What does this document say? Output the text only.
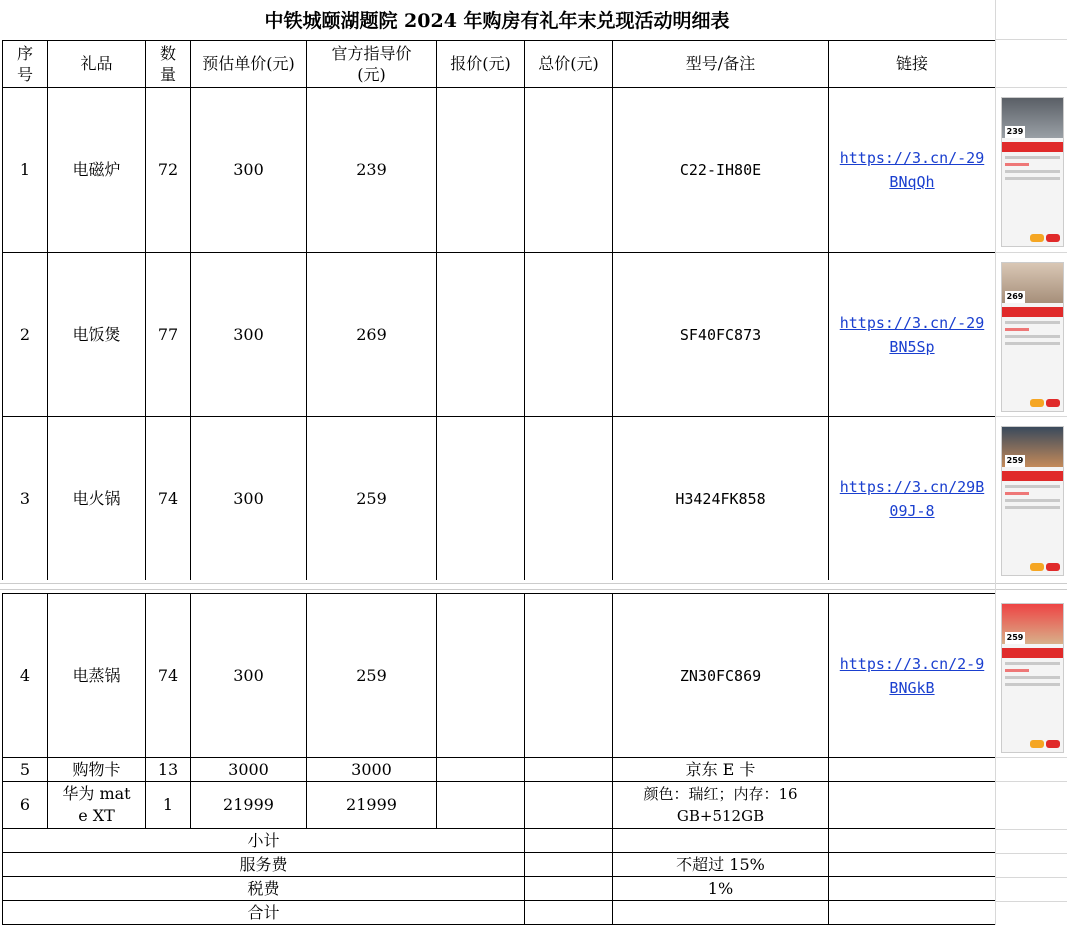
中铁城颐湖题院 2024 年购房有礼年末兑现活动明细表
序号	礼品	数量	预估单价(元)	官方指导价(元)	报价(元)	总价(元)	型号/备注	链接
1	电磁炉	72	300	239			C22-IH80E	https://3.cn/-29BNqQh
2	电饭煲	77	300	269			SF40FC873	https://3.cn/-29BN5Sp
3	电火锅	74	300	259			H3424FK858	https://3.cn/29B09J-8
4	电蒸锅	74	300	259			ZN30FC869	https://3.cn/2-9BNGkB
5	购物卡	13	3000	3000			京东 E 卡	
6	华为 mate XT	1	21999	21999			颜色：瑞红；内存：16GB+512GB	
小计								
服务费							不超过 15%	
税费							1%	
合计								
239
269
259
259
